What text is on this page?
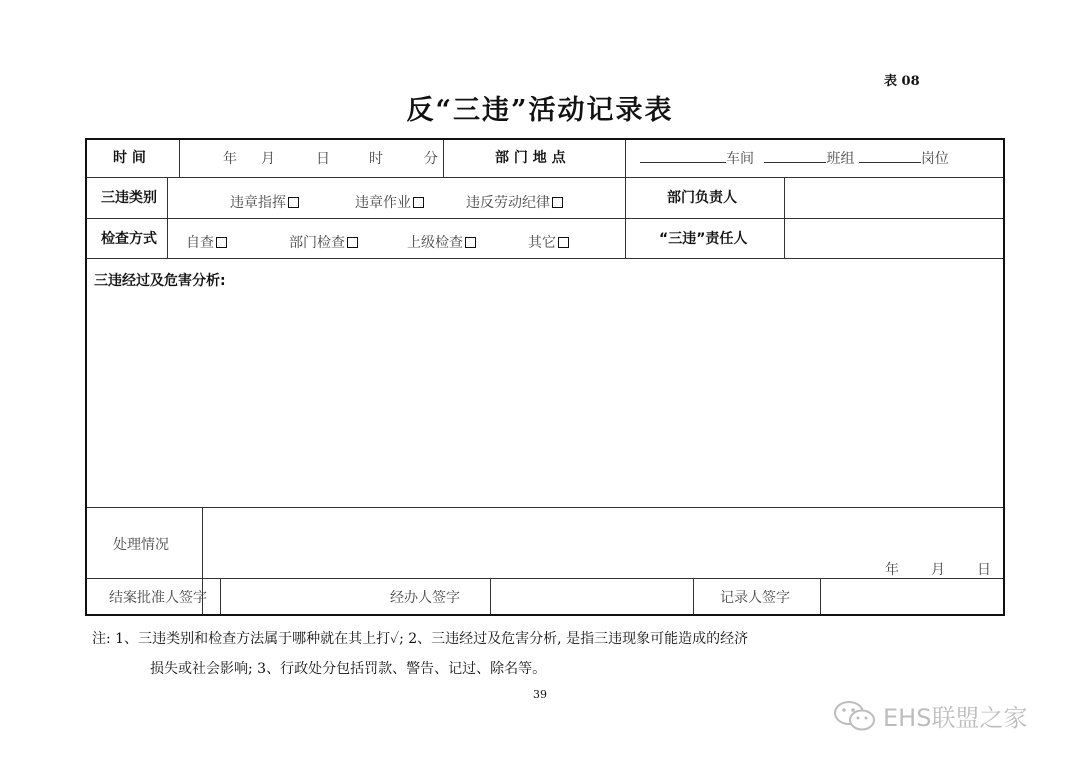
表 08
反“三违”活动记录表
时 间	年 月	日	时	分	部 门 地 点	车间	班组	岗位
三违类别	违章指挥	违章作业	违反劳动纪律	部门负责人
检查方式 自查	部门检查	上级检查	其它	“三违”责任人
三违经过及危害分析:
处理情况
年 月 日
结案批准人签字	经办人签字	记录人签字
注: 1、三违类别和检查方法属于哪种就在其上打✓; 2、三违经过及危害分析, 是指三违现象可能造成的经济
损失或社会影响; 3、行政处分包括罚款、警告、记过、除名等。
39
EHS联盟之家
